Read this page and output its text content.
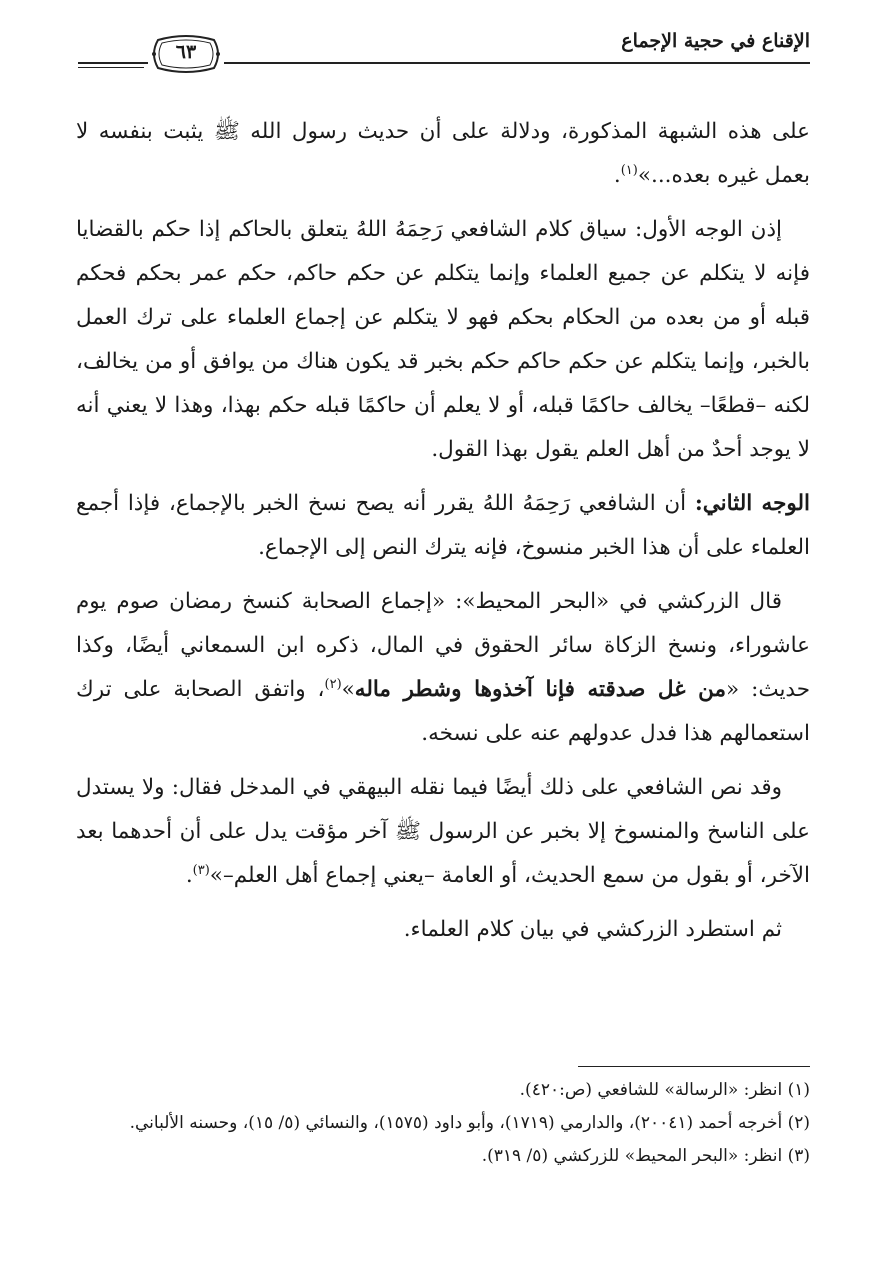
الإقناع في حجية الإجماع
٦٣

على هذه الشبهة المذكورة، ودلالة على أن حديث رسول الله ﷺ يثبت بنفسه لا بعمل غيره بعده...»$^{(١)}$.

إذن الوجه الأول: سياق كلام الشافعي رَحِمَهُ اللهُ يتعلق بالحاكم إذا حكم بالقضايا فإنه لا يتكلم عن جميع العلماء وإنما يتكلم عن حكم حاكم، حكم عمر بحكم فحكم قبله أو من بعده من الحكام بحكم فهو لا يتكلم عن إجماع العلماء على ترك العمل بالخبر، وإنما يتكلم عن حكم حاكم حكم بخبر قد يكون هناك من يوافق أو من يخالف، لكنه –قطعًا– يخالف حاكمًا قبله، أو لا يعلم أن حاكمًا قبله حكم بهذا، وهذا لا يعني أنه لا يوجد أحدٌ من أهل العلم يقول بهذا القول.

الوجه الثاني: أن الشافعي رَحِمَهُ اللهُ يقرر أنه يصح نسخ الخبر بالإجماع، فإذا أجمع العلماء على أن هذا الخبر منسوخ، فإنه يترك النص إلى الإجماع.

قال الزركشي في «البحر المحيط»: «إجماع الصحابة كنسخ رمضان صوم يوم عاشوراء، ونسخ الزكاة سائر الحقوق في المال، ذكره ابن السمعاني أيضًا، وكذا حديث: «من غل صدقته فإنا آخذوها وشطر ماله»$^{(٢)}$، واتفق الصحابة على ترك استعمالهم هذا فدل عدولهم عنه على نسخه.

وقد نص الشافعي على ذلك أيضًا فيما نقله البيهقي في المدخل فقال: ولا يستدل على الناسخ والمنسوخ إلا بخبر عن الرسول ﷺ آخر مؤقت يدل على أن أحدهما بعد الآخر، أو بقول من سمع الحديث، أو العامة –يعني إجماع أهل العلم–»$^{(٣)}$.

ثم استطرد الزركشي في بيان كلام العلماء.

(١) انظر: «الرسالة» للشافعي (ص:٤٢٠).
(٢) أخرجه أحمد (٢٠٠٤١)، والدارمي (١٧١٩)، وأبو داود (١٥٧٥)، والنسائي (٥/ ١٥)، وحسنه الألباني.
(٣) انظر: «البحر المحيط» للزركشي (٥/ ٣١٩).
